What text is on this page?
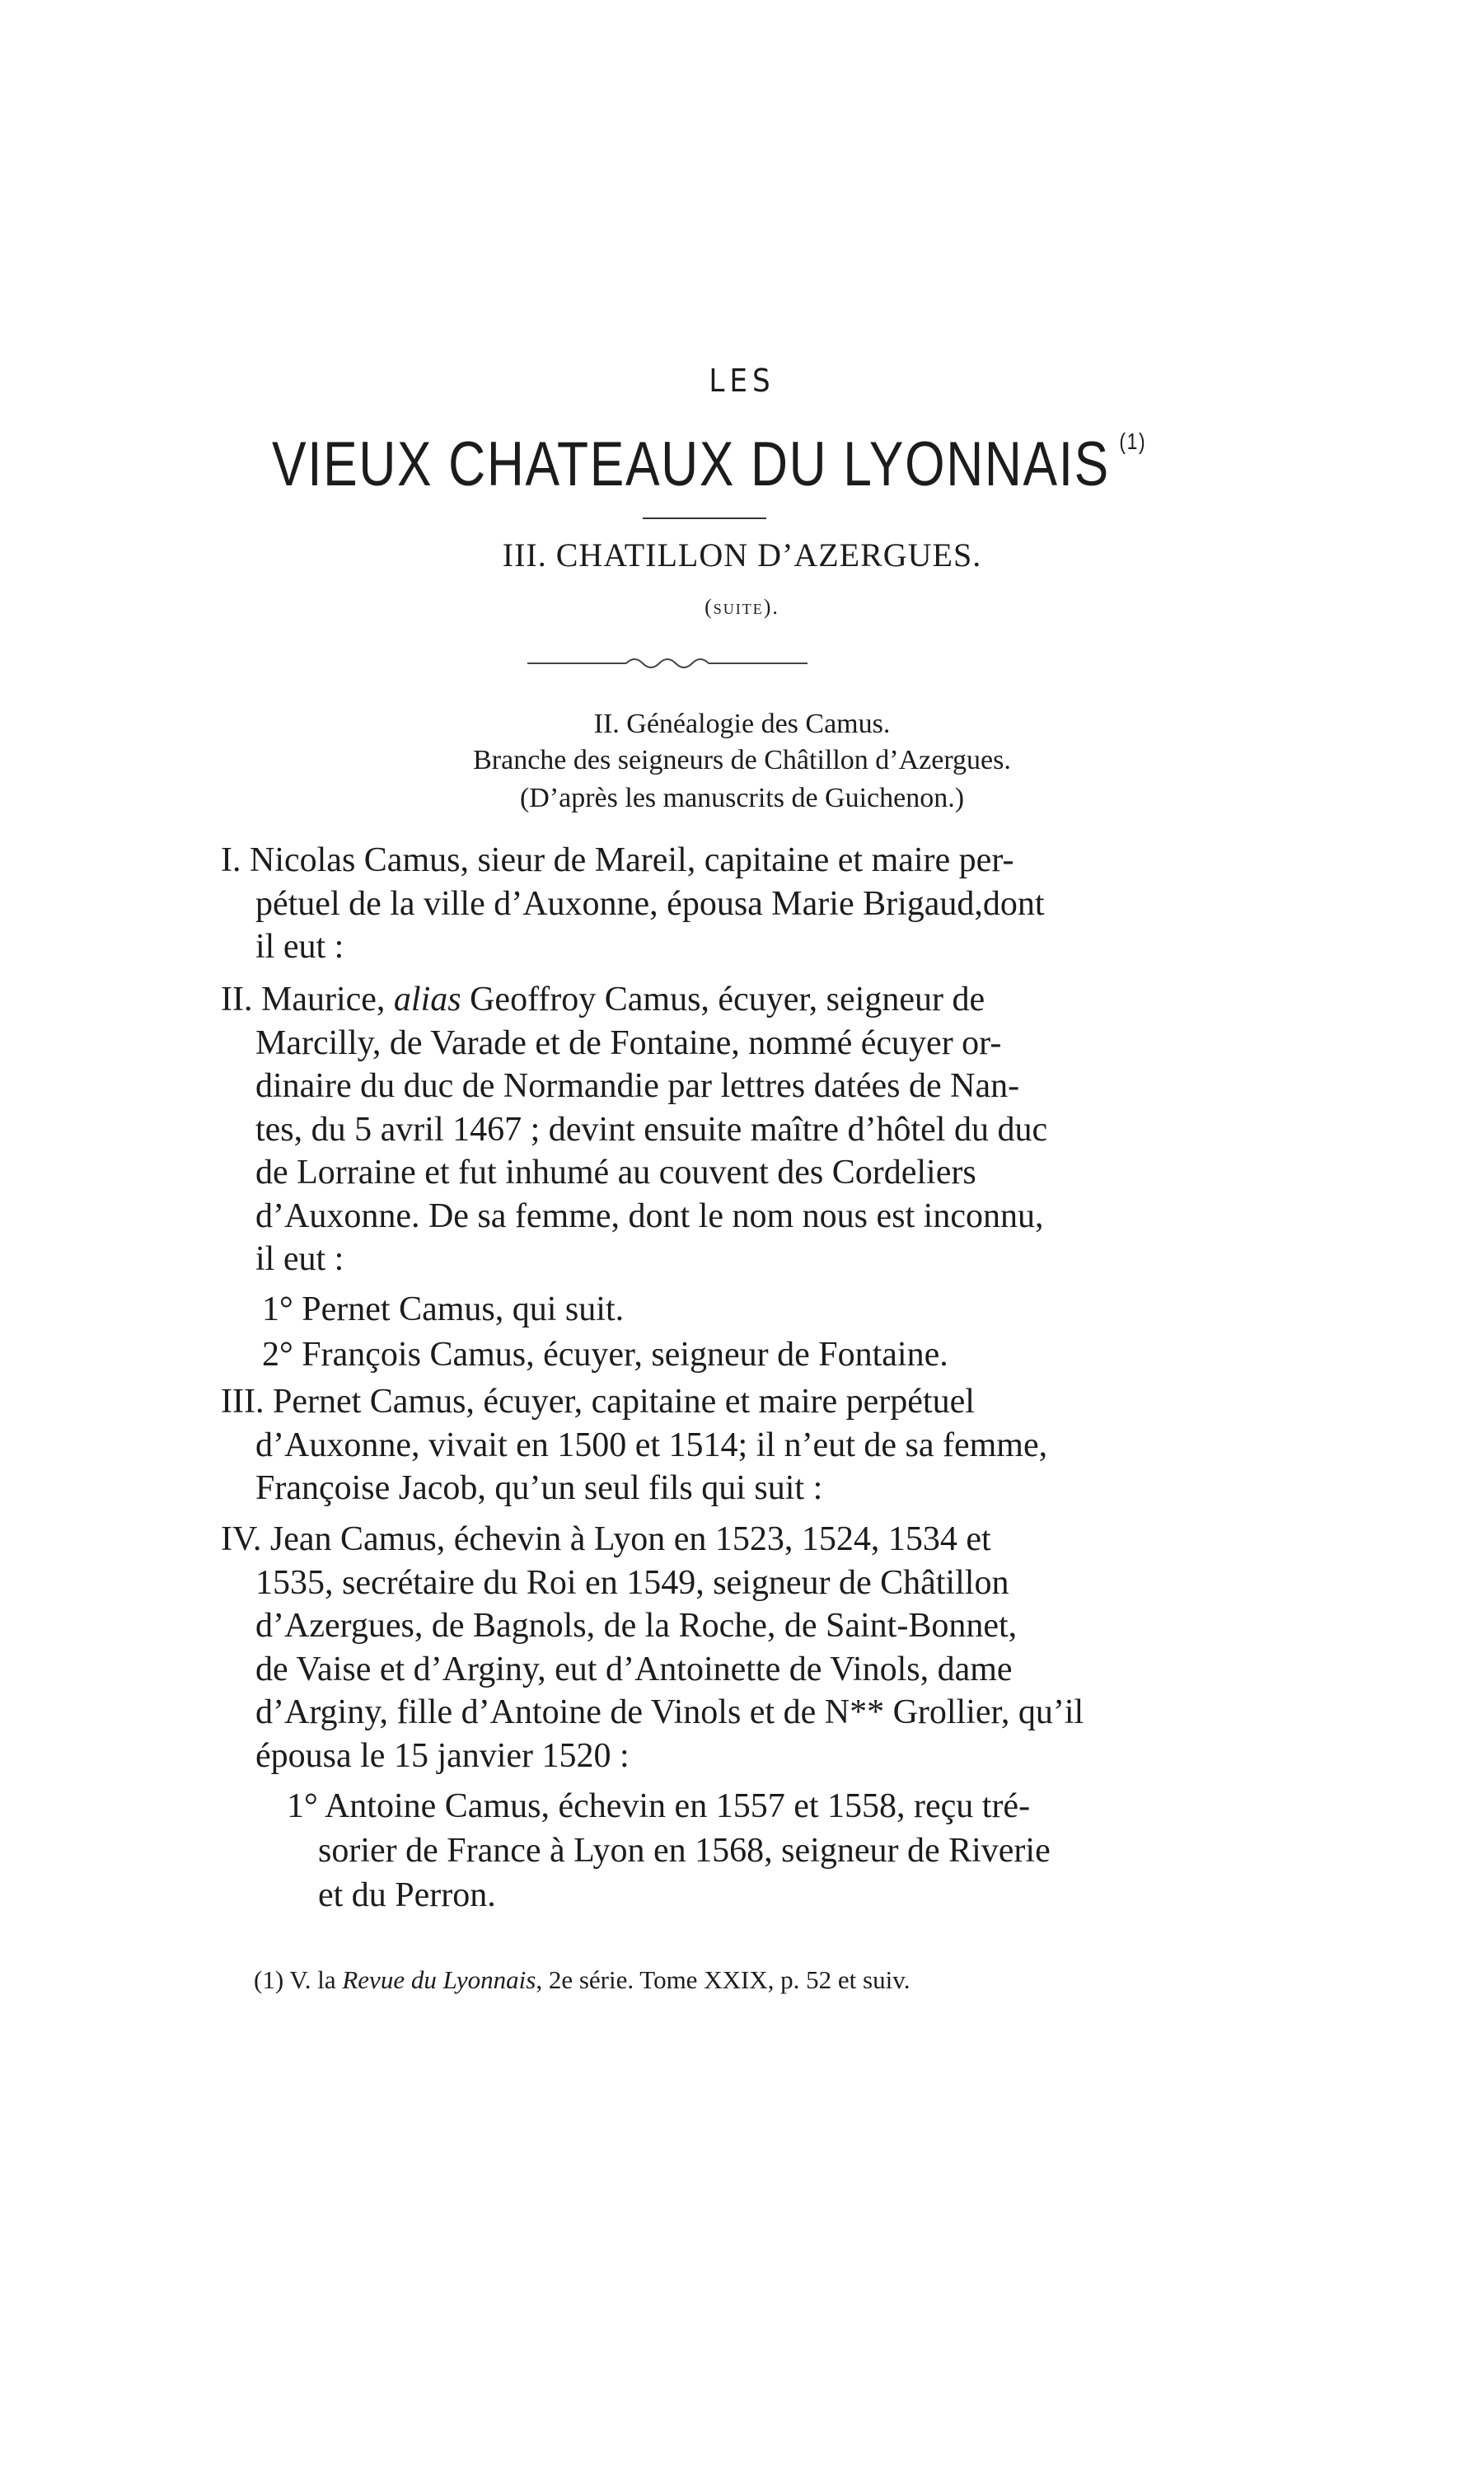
LES
VIEUX CHATEAUX DU LYONNAIS $^{(1)}$
III. CHATILLON D’AZERGUES.
(suite).
II. Généalogie des Camus.
Branche des seigneurs de Châtillon d’Azergues.
(D’après les manuscrits de Guichenon.)
I. Nicolas Camus, sieur de Mareil, capitaine et maire per-
pétuel de la ville d’Auxonne, épousa Marie Brigaud,dont
il eut :
II. Maurice, alias Geoffroy Camus, écuyer, seigneur de
Marcilly, de Varade et de Fontaine, nommé écuyer or-
dinaire du duc de Normandie par lettres datées de Nan-
tes, du 5 avril 1467 ; devint ensuite maître d’hôtel du duc
de Lorraine et fut inhumé au couvent des Cordeliers
d’Auxonne. De sa femme, dont le nom nous est inconnu,
il eut :
1° Pernet Camus, qui suit.
2° François Camus, écuyer, seigneur de Fontaine.
III. Pernet Camus, écuyer, capitaine et maire perpétuel
d’Auxonne, vivait en 1500 et 1514; il n’eut de sa femme,
Françoise Jacob, qu’un seul fils qui suit :
IV. Jean Camus, échevin à Lyon en 1523, 1524, 1534 et
1535, secrétaire du Roi en 1549, seigneur de Châtillon
d’Azergues, de Bagnols, de la Roche, de Saint-Bonnet,
de Vaise et d’Arginy, eut d’Antoinette de Vinols, dame
d’Arginy, fille d’Antoine de Vinols et de N** Grollier, qu’il
épousa le 15 janvier 1520 :
1° Antoine Camus, échevin en 1557 et 1558, reçu tré-
sorier de France à Lyon en 1568, seigneur de Riverie
et du Perron.
(1) V. la Revue du Lyonnais, 2e série. Tome XXIX, p. 52 et suiv.
